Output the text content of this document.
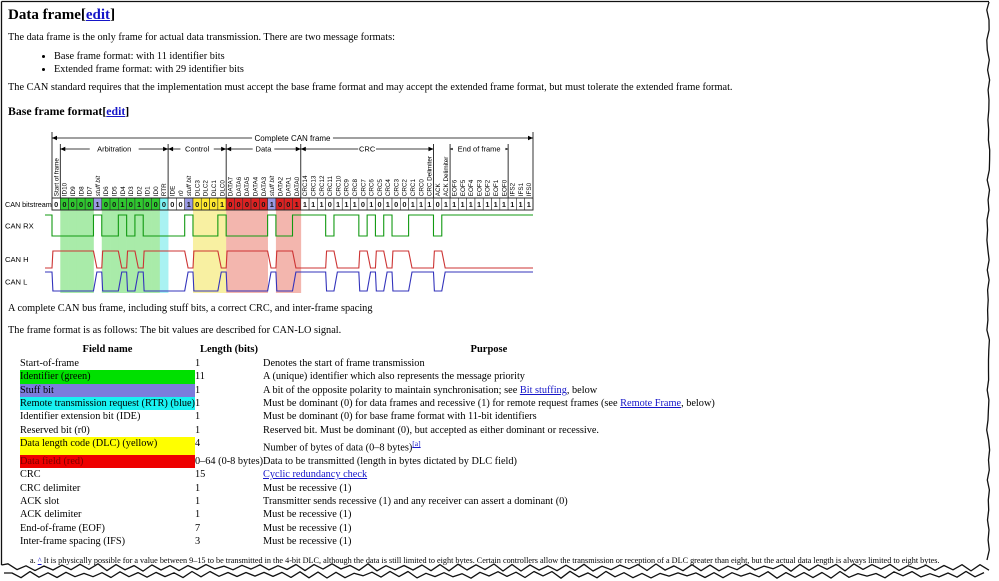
Data frame[edit]

The data frame is the only frame for actual data transmission. There are two message formats:

• Base frame format: with 11 identifier bits
• Extended frame format: with 29 identifier bits

The CAN standard requires that the implementation must accept the base frame format and may accept the extended frame format, but must tolerate the extended frame format.

Base frame format[edit]
0 0 0 0 0 1 0 0 1 0 1 0 0 0 0 0 1 0 0 0 1 0 0 0 0 0 1 0 0 1 1 1 1 0 1 1 1 0 1 0 1 0 0 1 1 1 0 1 1 1 1 1 1 1 1 1 1 1
Start of frame ID10 ID9 ID8 ID7 stuff bit ID6 ID5 ID4 ID3 ID2 ID1 ID0 RTR IDE r0 stuff bit DLC3 DLC2 DLC1 DLC0 DATA7 DATA6 DATA5 DATA4 DATA3 stuff bit DATA2 DATA1 DATA0 CRC14 CRC13 CRC12 CRC11 CRC10 CRC9 CRC8 CRC7 CRC6 CRC5 CRC4 CRC3 CRC2 CRC1 CRC0 CRC Delimiter ACK ACK Delimiter EOF6 EOF5 EOF4 EOF3 EOF2 EOF1 EOF0 IFS2 IFS1 IFS0
Complete CAN frame
Arbitration	Control	Data	CRC	End of frame
CAN bitstream
CAN RX
CAN H
CAN L

A complete CAN bus frame, including stuff bits, a correct CRC, and inter-frame spacing

The frame format is as follows: The bit values are described for CAN-LO signal.

Field name	Length (bits)	Purpose
Start-of-frame	1	Denotes the start of frame transmission
Identifier (green)	11	A (unique) identifier which also represents the message priority
Stuff bit	1	A bit of the opposite polarity to maintain synchronisation; see Bit stuffing, below
Remote transmission request (RTR) (blue)	1	Must be dominant (0) for data frames and recessive (1) for remote request frames (see Remote Frame, below)
Identifier extension bit (IDE)	1	Must be dominant (0) for base frame format with 11-bit identifiers
Reserved bit (r0)	1	Reserved bit. Must be dominant (0), but accepted as either dominant or recessive.
Data length code (DLC) (yellow)	4	Number of bytes of data (0–8 bytes)[a]
Data field (red)	0–64 (0-8 bytes)	Data to be transmitted (length in bytes dictated by DLC field)
CRC	15	Cyclic redundancy check
CRC delimiter	1	Must be recessive (1)
ACK slot	1	Transmitter sends recessive (1) and any receiver can assert a dominant (0)
ACK delimiter	1	Must be recessive (1)
End-of-frame (EOF)	7	Must be recessive (1)
Inter-frame spacing (IFS)	3	Must be recessive (1)
a. ^ It is physically possible for a value between 9–15 to be transmitted in the 4-bit DLC, although the data is still limited to eight bytes. Certain controllers allow the transmission or reception of a DLC greater than eight, but the actual data length is always limited to eight bytes.
